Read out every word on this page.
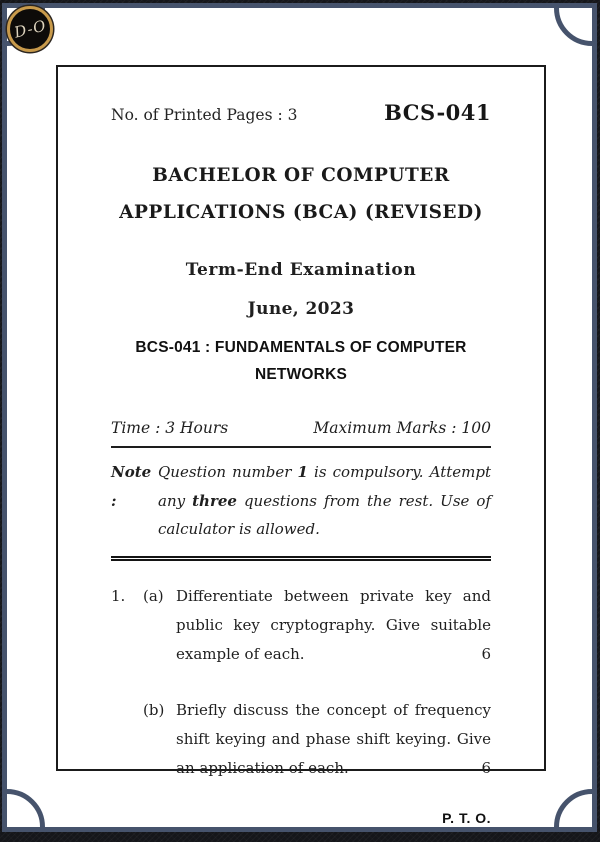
No. of Printed Pages : 3	BCS-041
BACHELOR OF COMPUTER
APPLICATIONS (BCA) (REVISED)
Term-End Examination
June, 2023
BCS-041 : FUNDAMENTALS OF COMPUTER
NETWORKS
Time : 3 Hours	Maximum Marks : 100
Note :
Question number 1 is compulsory. Attempt
any three questions from the rest. Use of
calculator is allowed.
1.	(a) Differentiate between private key and
public key cryptography. Give suitable
example of each.	6
(b) Briefly discuss the concept of frequency
shift keying and phase shift keying. Give
an application of each.	6
P. T. O.
D-O
